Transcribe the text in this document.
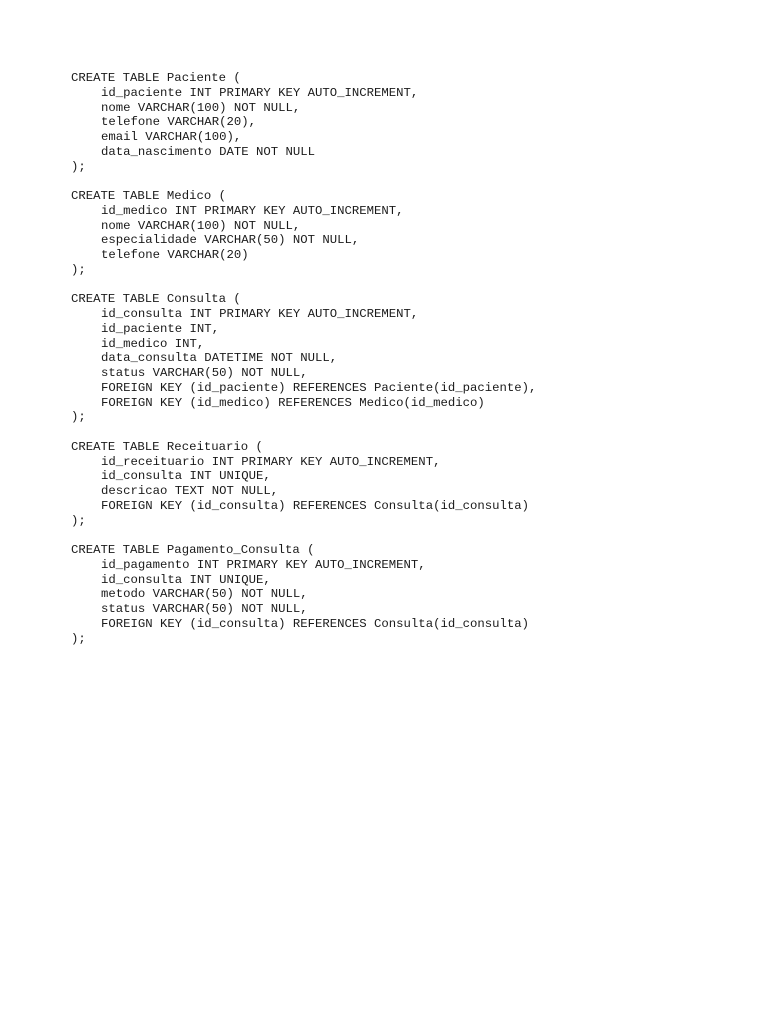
CREATE TABLE Paciente (
id_paciente INT PRIMARY KEY AUTO_INCREMENT,
nome VARCHAR(100) NOT NULL,
telefone VARCHAR(20),
email VARCHAR(100),
data_nascimento DATE NOT NULL
);
CREATE TABLE Medico (
id_medico INT PRIMARY KEY AUTO_INCREMENT,
nome VARCHAR(100) NOT NULL,
especialidade VARCHAR(50) NOT NULL,
telefone VARCHAR(20)
);
CREATE TABLE Consulta (
id_consulta INT PRIMARY KEY AUTO_INCREMENT,
id_paciente INT,
id_medico INT,
data_consulta DATETIME NOT NULL,
status VARCHAR(50) NOT NULL,
FOREIGN KEY (id_paciente) REFERENCES Paciente(id_paciente),
FOREIGN KEY (id_medico) REFERENCES Medico(id_medico)
);
CREATE TABLE Receituario (
id_receituario INT PRIMARY KEY AUTO_INCREMENT,
id_consulta INT UNIQUE,
descricao TEXT NOT NULL,
FOREIGN KEY (id_consulta) REFERENCES Consulta(id_consulta)
);
CREATE TABLE Pagamento_Consulta (
id_pagamento INT PRIMARY KEY AUTO_INCREMENT,
id_consulta INT UNIQUE,
metodo VARCHAR(50) NOT NULL,
status VARCHAR(50) NOT NULL,
FOREIGN KEY (id_consulta) REFERENCES Consulta(id_consulta)
);
